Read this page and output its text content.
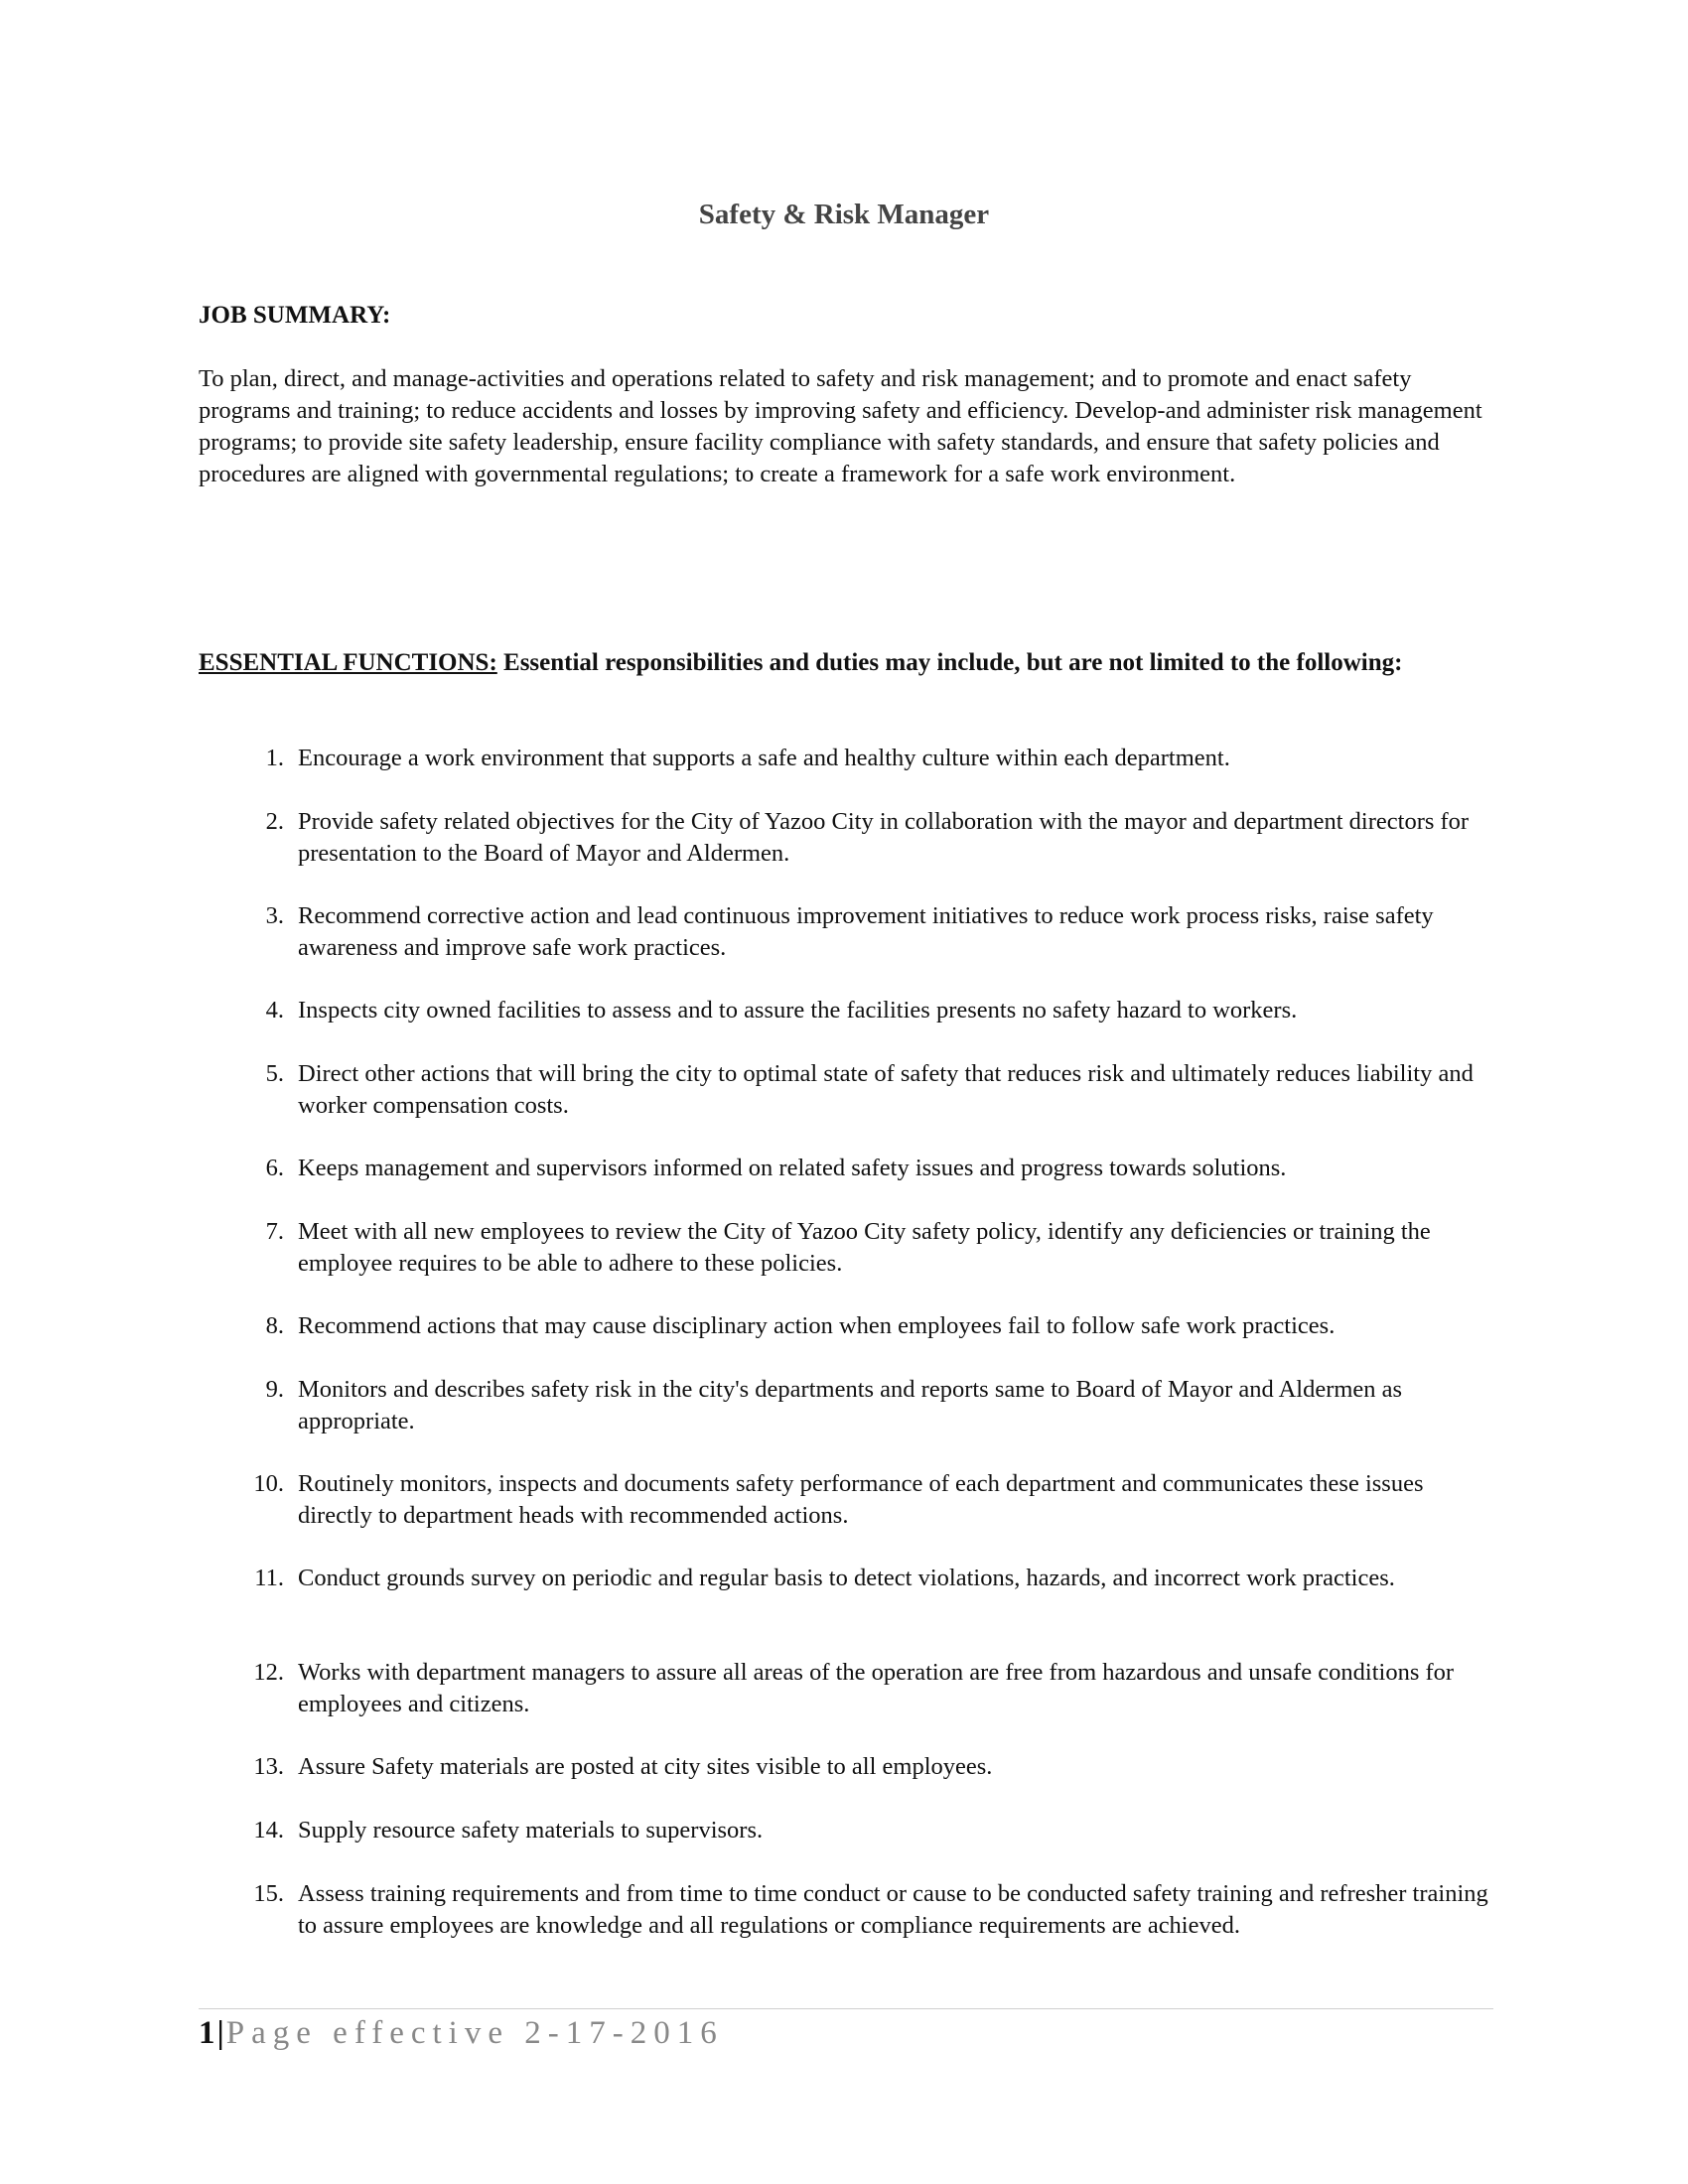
Safety & Risk Manager
JOB SUMMARY:
To plan, direct, and manage-activities and operations related to safety and risk management; and to promote and enact safety programs and training; to reduce accidents and losses by improving safety and efficiency. Develop-and administer risk management programs; to provide site safety leadership, ensure facility compliance with safety standards, and ensure that safety policies and procedures are aligned with governmental regulations; to create a framework for a safe work environment.
ESSENTIAL FUNCTIONS: Essential responsibilities and duties may include, but are not limited to the following:
1. Encourage a work environment that supports a safe and healthy culture within each department.
2. Provide safety related objectives for the City of Yazoo City in collaboration with the mayor and department directors for presentation to the Board of Mayor and Aldermen.
3. Recommend corrective action and lead continuous improvement initiatives to reduce work process risks, raise safety awareness and improve safe work practices.
4. Inspects city owned facilities to assess and to assure the facilities presents no safety hazard to workers.
5. Direct other actions that will bring the city to optimal state of safety that reduces risk and ultimately reduces liability and worker compensation costs.
6. Keeps management and supervisors informed on related safety issues and progress towards solutions.
7. Meet with all new employees to review the City of Yazoo City safety policy, identify any deficiencies or training the employee requires to be able to adhere to these policies.
8. Recommend actions that may cause disciplinary action when employees fail to follow safe work practices.
9. Monitors and describes safety risk in the city's departments and reports same to Board of Mayor and Aldermen as appropriate.
10. Routinely monitors, inspects and documents safety performance of each department and communicates these issues directly to department heads with recommended actions.
11. Conduct grounds survey on periodic and regular basis to detect violations, hazards, and incorrect work practices.
12. Works with department managers to assure all areas of the operation are free from hazardous and unsafe conditions for employees and citizens.
13. Assure Safety materials are posted at city sites visible to all employees.
14. Supply resource safety materials to supervisors.
15. Assess training requirements and from time to time conduct or cause to be conducted safety training and refresher training to assure employees are knowledge and all regulations or compliance requirements are achieved.
1|Page effective 2-17-2016
